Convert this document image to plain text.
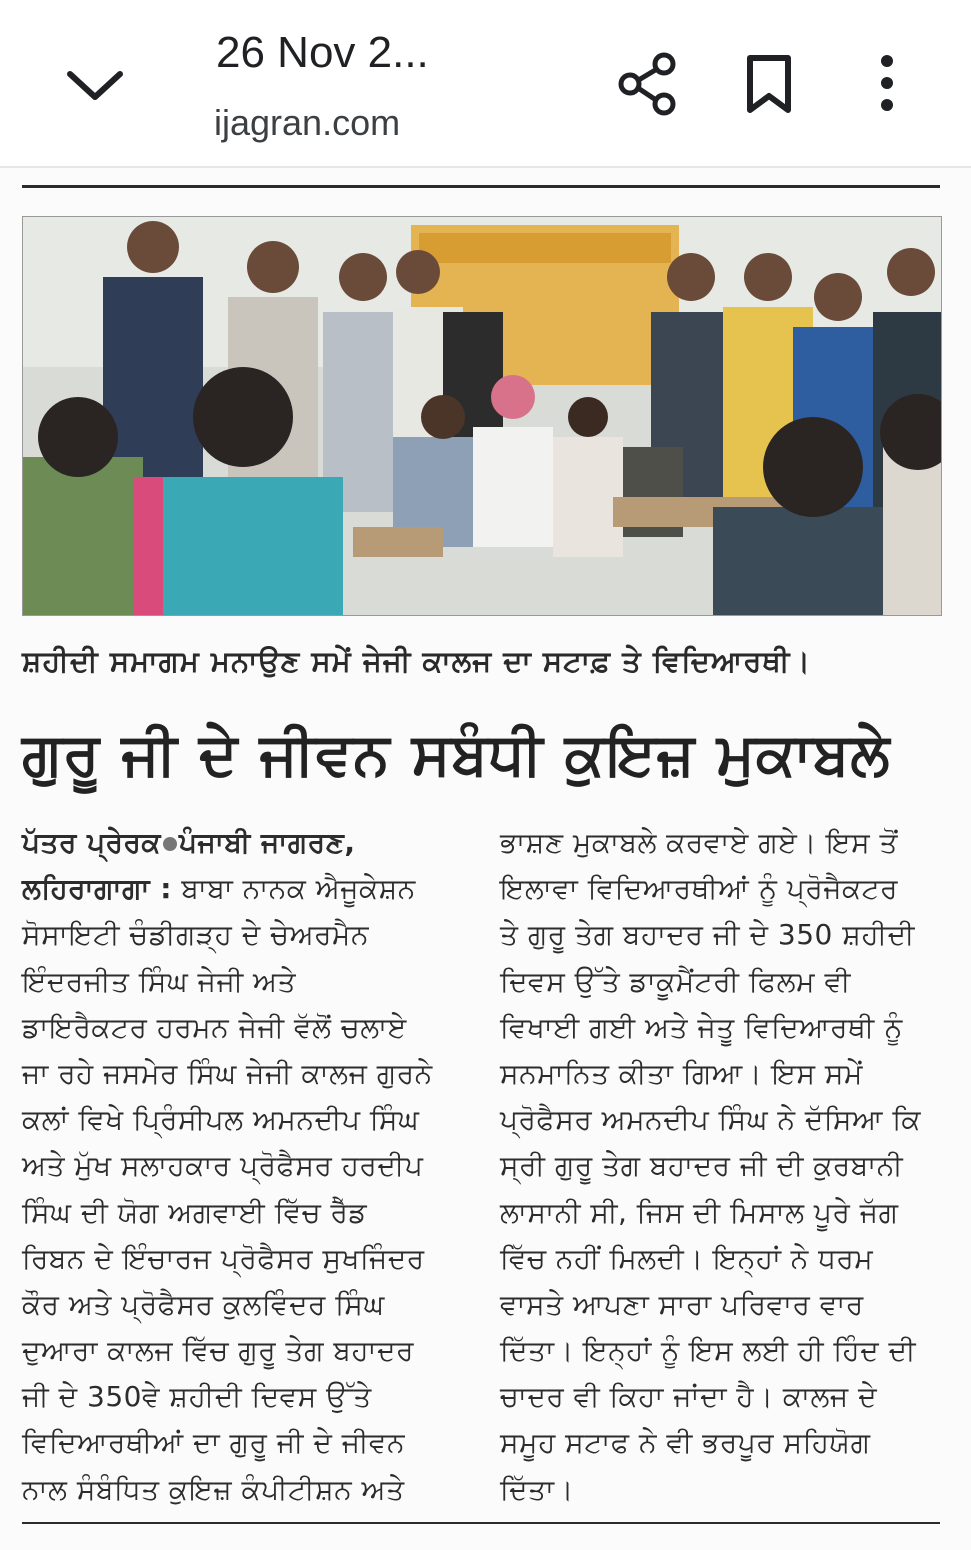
26 Nov 2...
ijagran.com
ਸ਼ਹੀਦੀ ਸਮਾਗਮ ਮਨਾਉਣ ਸਮੇਂ ਜੇਜੀ ਕਾਲਜ ਦਾ ਸਟਾਫ਼ ਤੇ ਵਿਦਿਆਰਥੀ।
ਗੁਰੂ ਜੀ ਦੇ ਜੀਵਨ ਸਬੰਧੀ ਕੁਇਜ਼ ਮੁਕਾਬਲੇ
ਪੱਤਰ ਪ੍ਰੇਰਕ ਪੰਜਾਬੀ ਜਾਗਰਣ,
ਲਹਿਰਾਗਾਗਾ : ਬਾਬਾ ਨਾਨਕ ਐਜੂਕੇਸ਼ਨ
ਸੋਸਾਇਟੀ ਚੰਡੀਗੜ੍ਹ ਦੇ ਚੇਅਰਮੈਨ
ਇੰਦਰਜੀਤ ਸਿੰਘ ਜੇਜੀ ਅਤੇ
ਡਾਇਰੈਕਟਰ ਹਰਮਨ ਜੇਜੀ ਵੱਲੋਂ ਚਲਾਏ
ਜਾ ਰਹੇ ਜਸਮੇਰ ਸਿੰਘ ਜੇਜੀ ਕਾਲਜ ਗੁਰਨੇ
ਕਲਾਂ ਵਿਖੇ ਪ੍ਰਿੰਸੀਪਲ ਅਮਨਦੀਪ ਸਿੰਘ
ਅਤੇ ਮੁੱਖ ਸਲਾਹਕਾਰ ਪ੍ਰੋਫੈਸਰ ਹਰਦੀਪ
ਸਿੰਘ ਦੀ ਯੋਗ ਅਗਵਾਈ ਵਿੱਚ ਰੈੱਡ
ਰਿਬਨ ਦੇ ਇੰਚਾਰਜ ਪ੍ਰੋਫੈਸਰ ਸੁਖਜਿੰਦਰ
ਕੌਰ ਅਤੇ ਪ੍ਰੋਫੈਸਰ ਕੁਲਵਿੰਦਰ ਸਿੰਘ
ਦੁਆਰਾ ਕਾਲਜ ਵਿੱਚ ਗੁਰੂ ਤੇਗ ਬਹਾਦਰ
ਜੀ ਦੇ 350ਵੇ ਸ਼ਹੀਦੀ ਦਿਵਸ ਉੱਤੇ
ਵਿਦਿਆਰਥੀਆਂ ਦਾ ਗੁਰੂ ਜੀ ਦੇ ਜੀਵਨ
ਨਾਲ ਸੰਬੰਧਿਤ ਕੁਇਜ਼ ਕੰਪੀਟੀਸ਼ਨ ਅਤੇ
ਭਾਸ਼ਣ ਮੁਕਾਬਲੇ ਕਰਵਾਏ ਗਏ। ਇਸ ਤੋਂ
ਇਲਾਵਾ ਵਿਦਿਆਰਥੀਆਂ ਨੂੰ ਪ੍ਰੋਜੈਕਟਰ
ਤੇ ਗੁਰੂ ਤੇਗ ਬਹਾਦਰ ਜੀ ਦੇ 350 ਸ਼ਹੀਦੀ
ਦਿਵਸ ਉੱਤੇ ਡਾਕੂਮੈਂਟਰੀ ਫਿਲਮ ਵੀ
ਵਿਖਾਈ ਗਈ ਅਤੇ ਜੇਤੂ ਵਿਦਿਆਰਥੀ ਨੂੰ
ਸਨਮਾਨਿਤ ਕੀਤਾ ਗਿਆ। ਇਸ ਸਮੇਂ
ਪ੍ਰੋਫੈਸਰ ਅਮਨਦੀਪ ਸਿੰਘ ਨੇ ਦੱਸਿਆ ਕਿ
ਸ੍ਰੀ ਗੁਰੂ ਤੇਗ ਬਹਾਦਰ ਜੀ ਦੀ ਕੁਰਬਾਨੀ
ਲਾਸਾਨੀ ਸੀ, ਜਿਸ ਦੀ ਮਿਸਾਲ ਪੂਰੇ ਜੱਗ
ਵਿੱਚ ਨਹੀਂ ਮਿਲਦੀ। ਇਨ੍ਹਾਂ ਨੇ ਧਰਮ
ਵਾਸਤੇ ਆਪਣਾ ਸਾਰਾ ਪਰਿਵਾਰ ਵਾਰ
ਦਿੱਤਾ। ਇਨ੍ਹਾਂ ਨੂੰ ਇਸ ਲਈ ਹੀ ਹਿੰਦ ਦੀ
ਚਾਦਰ ਵੀ ਕਿਹਾ ਜਾਂਦਾ ਹੈ। ਕਾਲਜ ਦੇ
ਸਮੂਹ ਸਟਾਫ ਨੇ ਵੀ ਭਰਪੂਰ ਸਹਿਯੋਗ
ਦਿੱਤਾ।
